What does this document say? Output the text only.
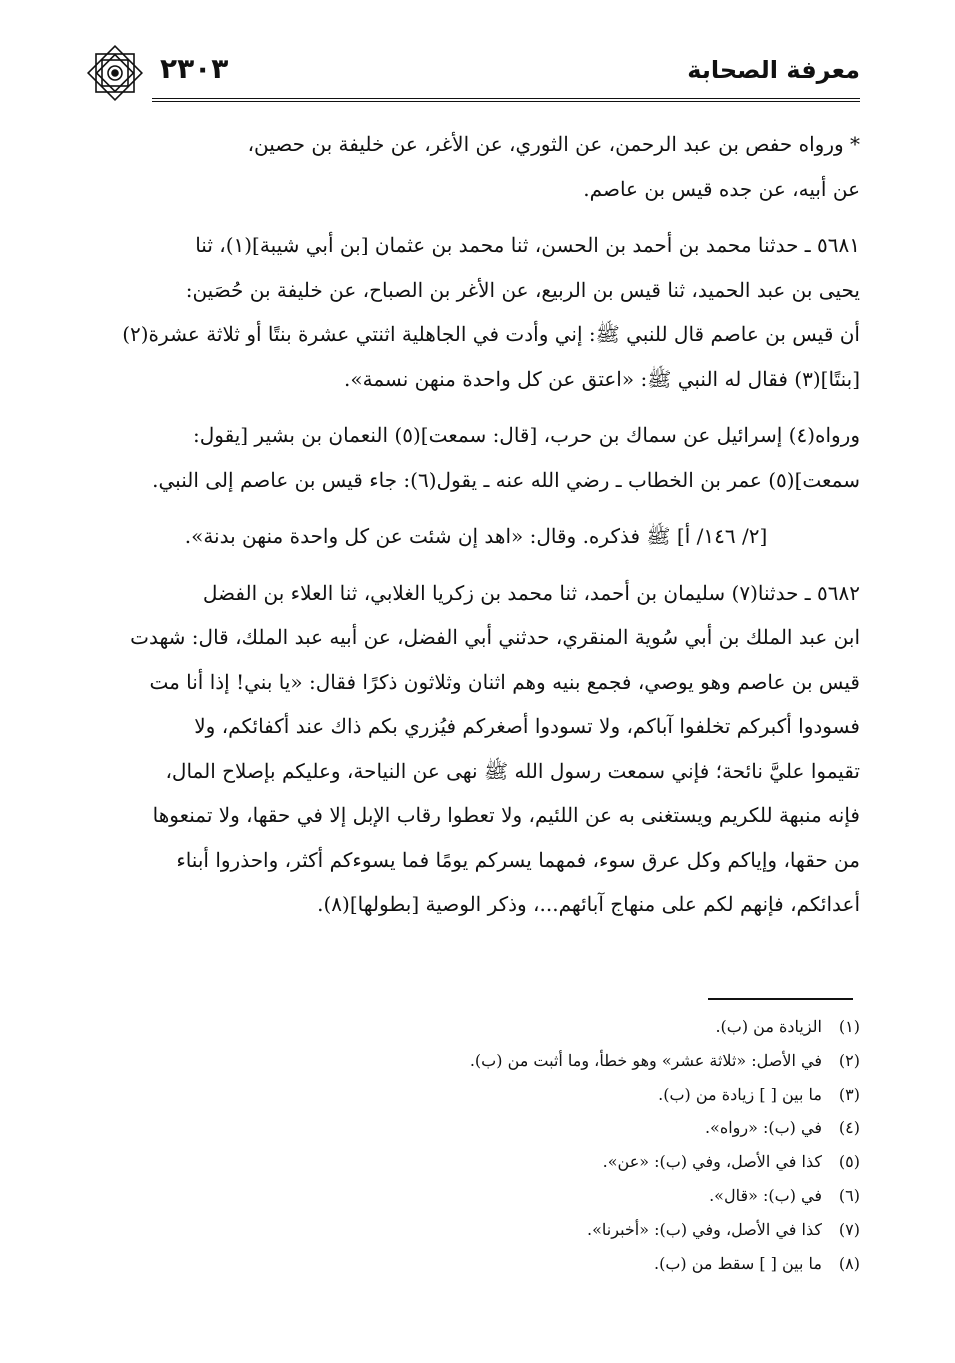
معرفة الصحابة
٢٣٠٣

* ورواه حفص بن عبد الرحمن، عن الثوري، عن الأغر، عن خليفة بن حصين،
عن أبيه، عن جده قيس بن عاصم.

٥٦٨١ ـ حدثنا محمد بن أحمد بن الحسن، ثنا محمد بن عثمان [بن أبي شيبة](١)، ثنا
يحيى بن عبد الحميد، ثنا قيس بن الربيع، عن الأغر بن الصباح، عن خليفة بن حُصَين:
أن قيس بن عاصم قال للنبي ﷺ: إني وأدت في الجاهلية اثنتي عشرة بنتًا أو ثلاثة عشرة(٢)
[بنتًا](٣) فقال له النبي ﷺ: «اعتق عن كل واحدة منهن نسمة».

ورواه(٤) إسرائيل عن سماك بن حرب، [قال: سمعت](٥) النعمان بن بشير [يقول:
سمعت](٥) عمر بن الخطاب ـ رضي الله عنه ـ يقول(٦): جاء قيس بن عاصم إلى النبي.

[٢/ ١٤٦/ أ] ﷺ فذكره. وقال: «اهد إن شئت عن كل واحدة منهن بدنة».

٥٦٨٢ ـ حدثنا(٧) سليمان بن أحمد، ثنا محمد بن زكريا الغلابي، ثنا العلاء بن الفضل
ابن عبد الملك بن أبي سُوية المنقري، حدثني أبي الفضل، عن أبيه عبد الملك، قال: شهدت
قيس بن عاصم وهو يوصي، فجمع بنيه وهم اثنان وثلاثون ذكرًا فقال: «يا بني! إذا أنا مت
فسودوا أكبركم تخلفوا آباكم، ولا تسودوا أصغركم فيُزري بكم ذاك عند أكفائكم، ولا
تقيموا عليَّ نائحة؛ فإني سمعت رسول الله ﷺ نهى عن النياحة، وعليكم بإصلاح المال،
فإنه منبهة للكريم ويستغنى به عن اللئيم، ولا تعطوا رقاب الإبل إلا في حقها، ولا تمنعوها
من حقها، وإياكم وكل عرق سوء، فمهما يسركم يومًا فما يسوءكم أكثر، واحذروا أبناء
أعدائكم، فإنهم لكم على منهاج آبائهم...، وذكر الوصية [بطولها](٨).

(١)الزيادة من (ب).
(٢)في الأصل: «ثلاثة عشر» وهو خطأ، وما أثبت من (ب).
(٣)ما بين [ ] زيادة من (ب).
(٤)في (ب): «رواه».
(٥)كذا في الأصل، وفي (ب): «عن».
(٦)في (ب): «قال».
(٧)كذا في الأصل، وفي (ب): «أخبرنا».
(٨)ما بين [ ] سقط من (ب).
